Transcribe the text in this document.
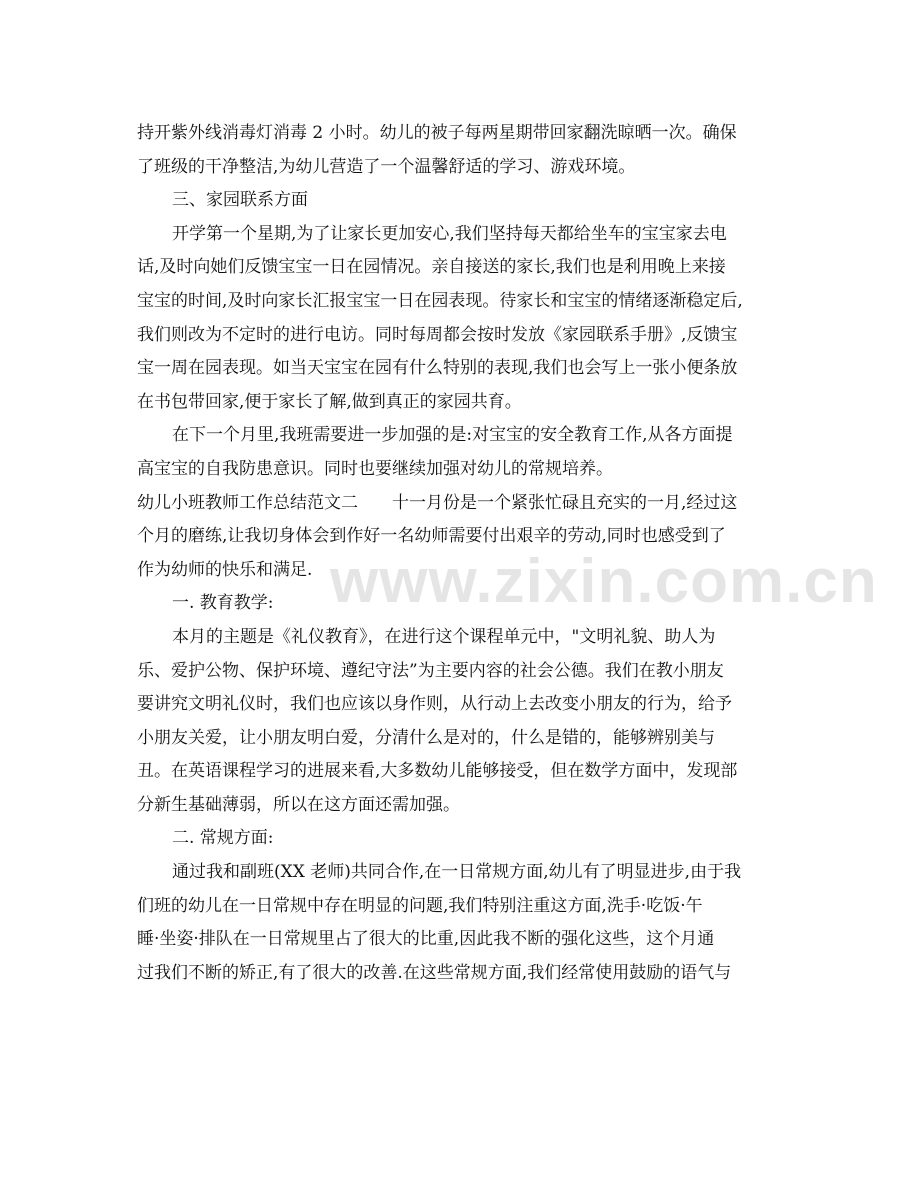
持开紫外线消毒灯消毒 2 小时。幼儿的被子每两星期带回家翻洗晾晒一次。确保
了班级的干净整洁,为幼儿营造了一个温馨舒适的学习、游戏环境。
三、家园联系方面
开学第一个星期,为了让家长更加安心,我们坚持每天都给坐车的宝宝家去电
话,及时向她们反馈宝宝一日在园情况。亲自接送的家长,我们也是利用晚上来接
宝宝的时间,及时向家长汇报宝宝一日在园表现。待家长和宝宝的情绪逐渐稳定后,
我们则改为不定时的进行电访。同时每周都会按时发放《家园联系手册》,反馈宝
宝一周在园表现。如当天宝宝在园有什么特别的表现,我们也会写上一张小便条放
在书包带回家,便于家长了解,做到真正的家园共育。
在下一个月里,我班需要进一步加强的是:对宝宝的安全教育工作,从各方面提
高宝宝的自我防患意识。同时也要继续加强对幼儿的常规培养。
幼儿小班教师工作总结范文二　　十一月份是一个紧张忙碌且充实的一月,经过这
个月的磨练,让我切身体会到作好一名幼师需要付出艰辛的劳动,同时也感受到了
作为幼师的快乐和满足.
一. 教育教学:
本月的主题是《礼仪教育》，在进行这个课程单元中，"文明礼貌、助人为
乐、爱护公物、保护环境、遵纪守法”为主要内容的社会公德。我们在教小朋友
要讲究文明礼仪时，我们也应该以身作则，从行动上去改变小朋友的行为，给予
小朋友关爱，让小朋友明白爱，分清什么是对的，什么是错的，能够辨别美与
丑。在英语课程学习的进展来看,大多数幼儿能够接受，但在数学方面中，发现部
分新生基础薄弱，所以在这方面还需加强。
二. 常规方面:
通过我和副班(XX 老师)共同合作,在一日常规方面,幼儿有了明显进步,由于我
们班的幼儿在一日常规中存在明显的问题,我们特别注重这方面,洗手·吃饭·午
睡·坐姿·排队在一日常规里占了很大的比重,因此我不断的强化这些，这个月通
过我们不断的矫正,有了很大的改善.在这些常规方面,我们经常使用鼓励的语气与
www.zixin.com.cn
